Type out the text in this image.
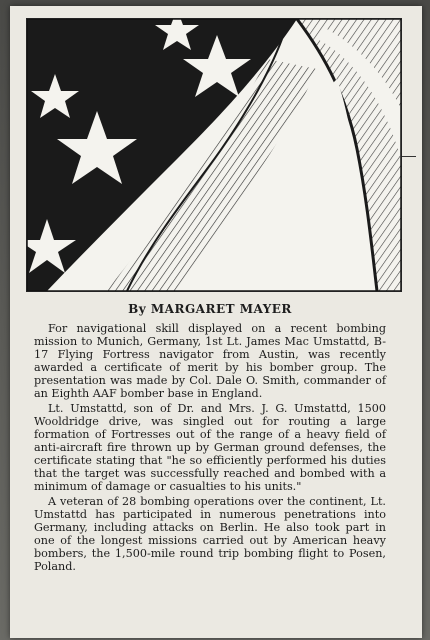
By MARGARET MAYER

For navigational skill displayed on a recent bombing mission to Munich, Germany, 1st Lt. James Mac Umstattd, B-17 Flying Fortress navigator from Austin, was recently awarded a certificate of merit by his bomber group. The presentation was made by Col. Dale O. Smith, commander of an Eighth AAF bomber base in England.

Lt. Umstattd, son of Dr. and Mrs. J. G. Umstattd, 1500 Wooldridge drive, was singled out for routing a large formation of Fortresses out of the range of a heavy field of anti-aircraft fire thrown up by German ground defenses, the certificate stating that "he so efficiently performed his duties that the target was successfully reached and bombed with a minimum of damage or casualties to his units."

A veteran of 28 bombing operations over the continent, Lt. Umstattd has participated in numerous penetrations into Germany, including attacks on Berlin. He also took part in one of the longest missions carried out by American heavy bombers, the 1,500-mile round trip bombing flight to Posen, Poland.
